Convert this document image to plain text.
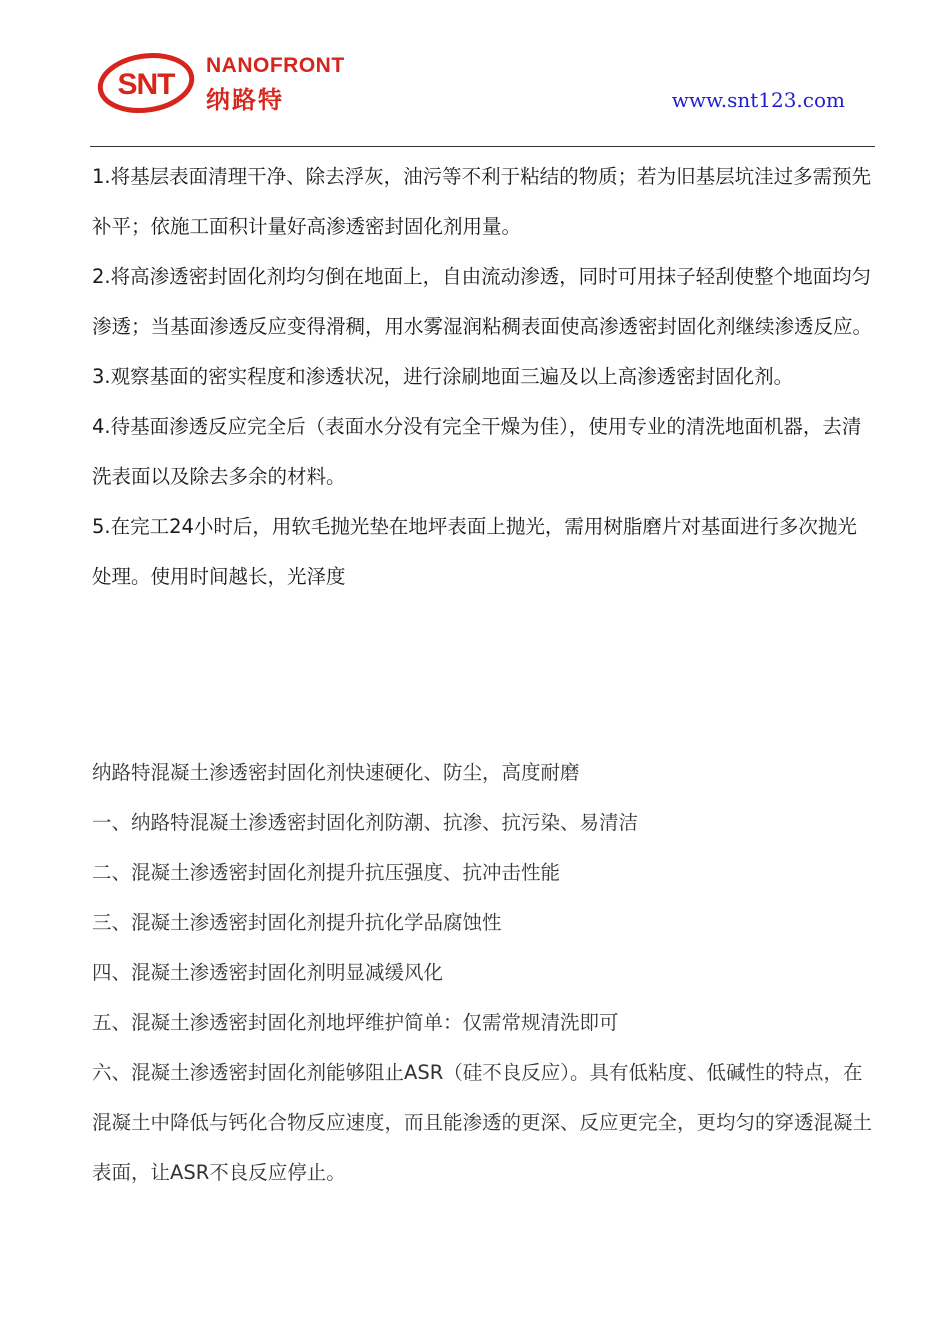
SNT
NANOFRONT
纳路特	www.snt123.com

1.将基层表面清理干净、除去浮灰，油污等不利于粘结的物质；若为旧基层坑洼过多需预先补平；依施工面积计量好高渗透密封固化剂用量。

2.将高渗透密封固化剂均匀倒在地面上，自由流动渗透，同时可用抹子轻刮使整个地面均匀渗透；当基面渗透反应变得滑稠，用水雾湿润粘稠表面使高渗透密封固化剂继续渗透反应。

3.观察基面的密实程度和渗透状况，进行涂刷地面三遍及以上高渗透密封固化剂。

4.待基面渗透反应完全后（表面水分没有完全干燥为佳），使用专业的清洗地面机器，去清洗表面以及除去多余的材料。

5.在完工24小时后，用软毛抛光垫在地坪表面上抛光，需用树脂磨片对基面进行多次抛光处理。使用时间越长，光泽度

纳路特混凝土渗透密封固化剂快速硬化、防尘，高度耐磨

一、纳路特混凝土渗透密封固化剂防潮、抗渗、抗污染、易清洁

二、混凝土渗透密封固化剂提升抗压强度、抗冲击性能

三、混凝土渗透密封固化剂提升抗化学品腐蚀性

四、混凝土渗透密封固化剂明显减缓风化

五、混凝土渗透密封固化剂地坪维护简单：仅需常规清洗即可

六、混凝土渗透密封固化剂能够阻止ASR（硅不良反应）。具有低粘度、低碱性的特点，在混凝土中降低与钙化合物反应速度，而且能渗透的更深、反应更完全，更均匀的穿透混凝土表面，让ASR不良反应停止。
